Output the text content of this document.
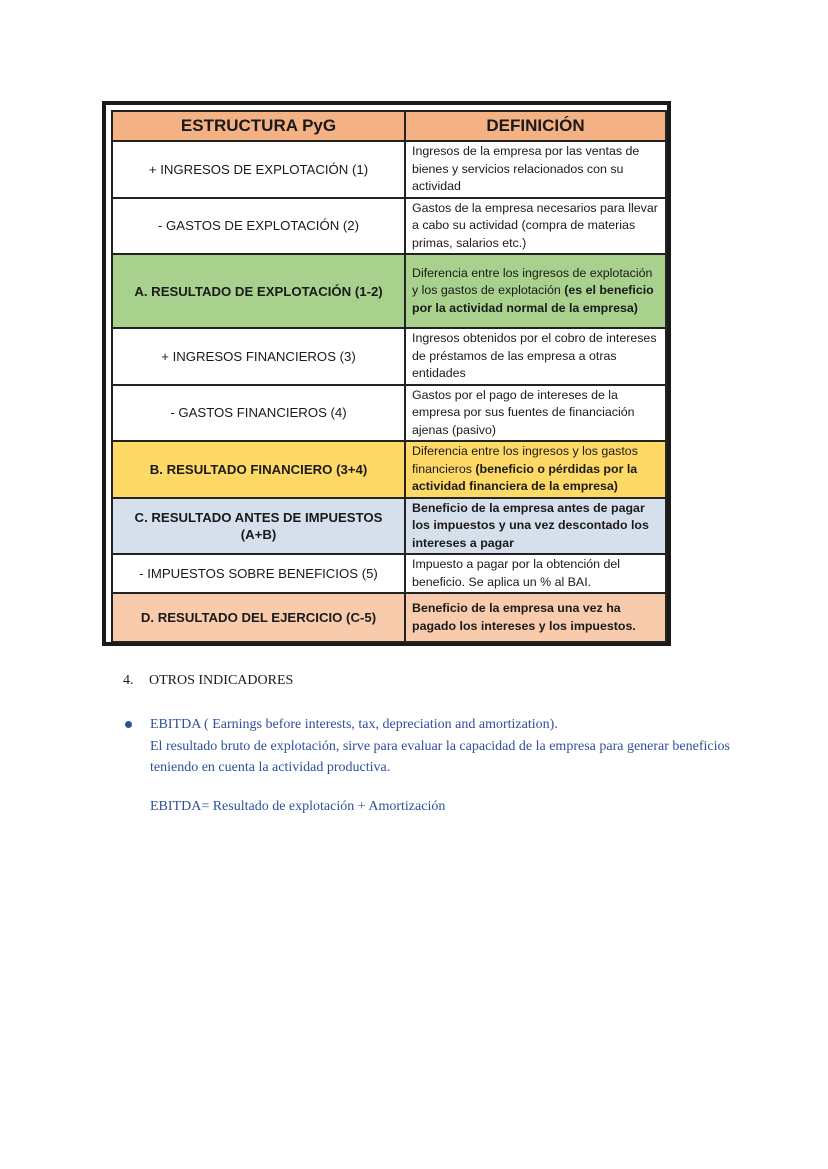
ESTRUCTURA PyG	DEFINICIÓN
+ INGRESOS DE EXPLOTACIÓN (1)	Ingresos de la empresa por las ventas de bienes y servicios relacionados con su actividad
- GASTOS DE EXPLOTACIÓN (2)	Gastos de la empresa necesarios para llevar a cabo su actividad (compra de materias primas, salarios etc.)
A. RESULTADO DE EXPLOTACIÓN (1-2)	Diferencia entre los ingresos de explotación y los gastos de explotación (es el beneficio por la actividad normal de la empresa)
+ INGRESOS FINANCIEROS (3)	Ingresos obtenidos por el cobro de intereses de préstamos de las empresa a otras entidades
- GASTOS FINANCIEROS (4)	Gastos por el pago de intereses de la empresa por sus fuentes de financiación ajenas (pasivo)
B. RESULTADO FINANCIERO (3+4)	Diferencia entre los ingresos y los gastos financieros (beneficio o pérdidas por la actividad financiera de la empresa)
C. RESULTADO ANTES DE IMPUESTOS (A+B)	Beneficio de la empresa antes de pagar los impuestos y una vez descontado los intereses a pagar
- IMPUESTOS SOBRE BENEFICIOS (5)	Impuesto a pagar por la obtención del beneficio. Se aplica un % al BAI.
D. RESULTADO DEL EJERCICIO (C-5)	Beneficio de la empresa una vez ha pagado los intereses y los impuestos.
4. OTROS INDICADORES
EBITDA ( Earnings before interests, tax, depreciation and amortization).
El resultado bruto de explotación, sirve para evaluar la capacidad de la empresa para generar beneficios teniendo en cuenta la actividad productiva.
EBITDA= Resultado de explotación + Amortización
